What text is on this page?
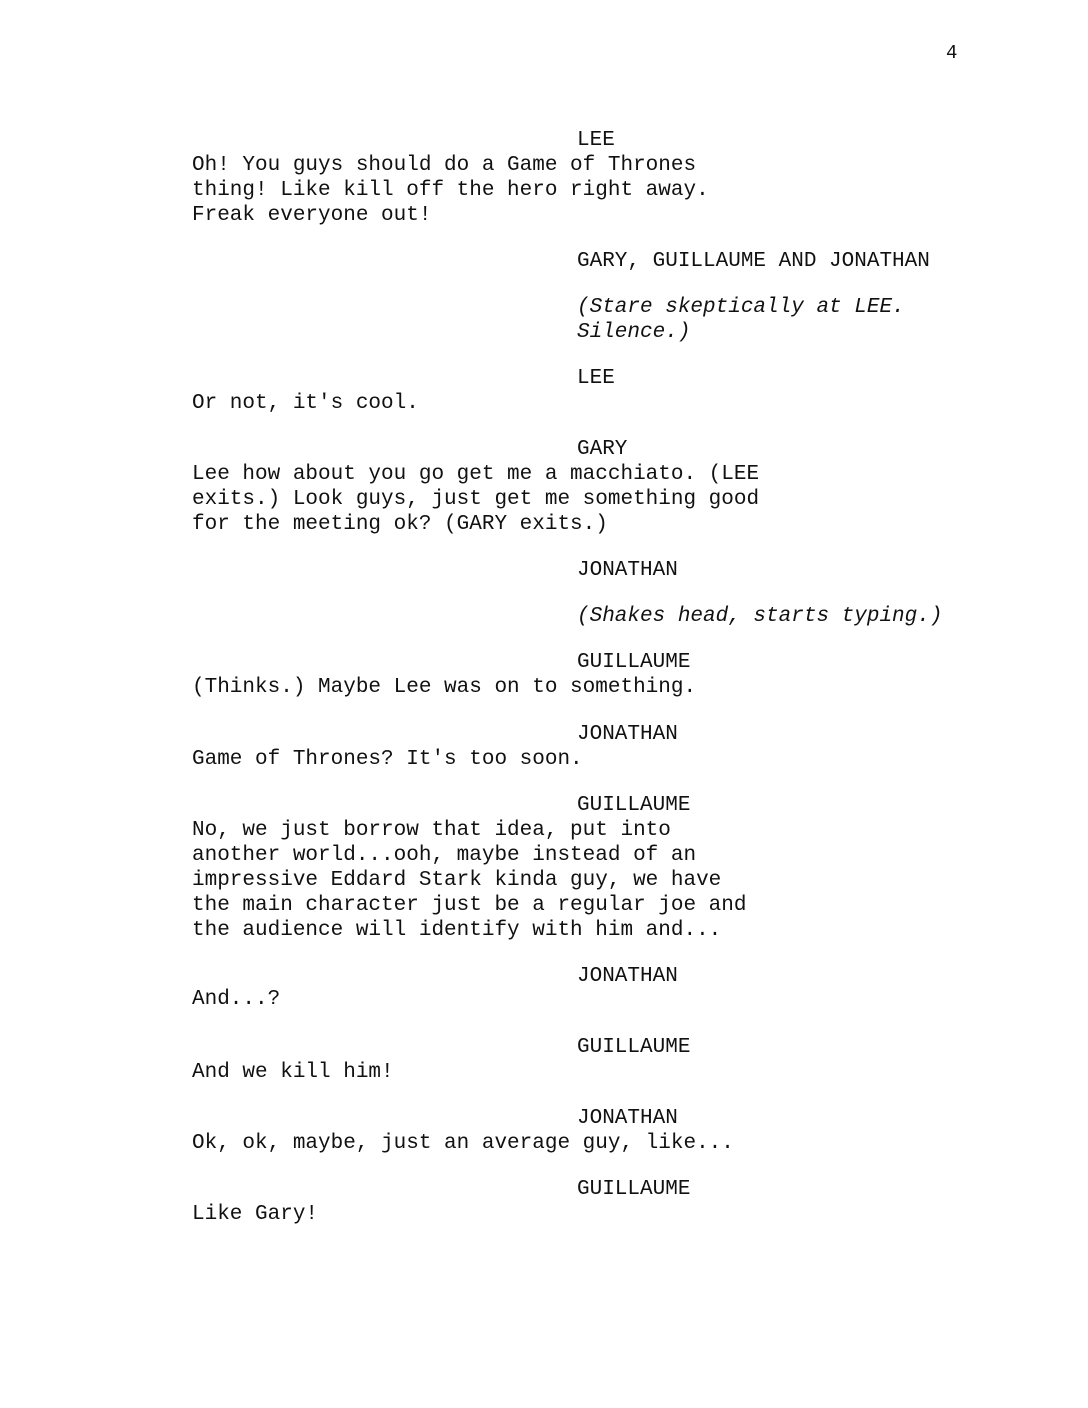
4
LEE
Oh! You guys should do a Game of Thrones
thing! Like kill off the hero right away.
Freak everyone out!
GARY, GUILLAUME AND JONATHAN
(Stare skeptically at LEE.
Silence.)
LEE
Or not, it's cool.
GARY
Lee how about you go get me a macchiato. (LEE
exits.) Look guys, just get me something good
for the meeting ok? (GARY exits.)
JONATHAN
(Shakes head, starts typing.)
GUILLAUME
(Thinks.) Maybe Lee was on to something.
JONATHAN
Game of Thrones? It's too soon.
GUILLAUME
No, we just borrow that idea, put into
another world...ooh, maybe instead of an
impressive Eddard Stark kinda guy, we have
the main character just be a regular joe and
the audience will identify with him and...
JONATHAN
And...?
GUILLAUME
And we kill him!
JONATHAN
Ok, ok, maybe, just an average guy, like...
GUILLAUME
Like Gary!
